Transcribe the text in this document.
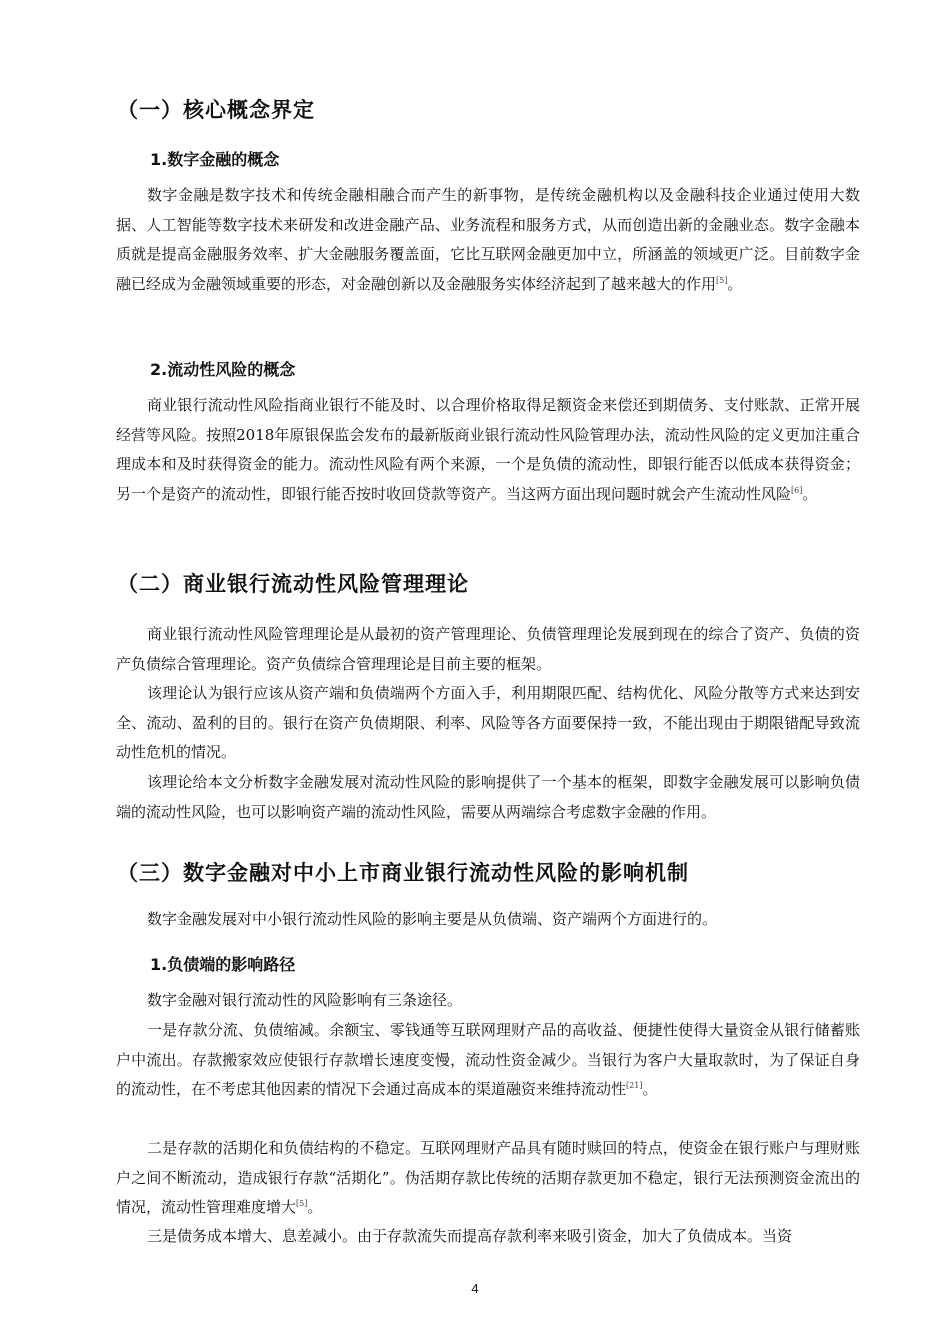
（一）核心概念界定
1.数字金融的概念

数字金融是数字技术和传统金融相融合而产生的新事物，是传统金融机构以及金融科技企业通过使用大数据、人工智能等数字技术来研发和改进金融产品、业务流程和服务方式，从而创造出新的金融业态。数字金融本质就是提高金融服务效率、扩大金融服务覆盖面，它比互联网金融更加中立，所涵盖的领域更广泛。目前数字金融已经成为金融领域重要的形态，对金融创新以及金融服务实体经济起到了越来越大的作用[5]。

2.流动性风险的概念

商业银行流动性风险指商业银行不能及时、以合理价格取得足额资金来偿还到期债务、支付账款、正常开展经营等风险。按照2018年原银保监会发布的最新版商业银行流动性风险管理办法，流动性风险的定义更加注重合理成本和及时获得资金的能力。流动性风险有两个来源，一个是负债的流动性，即银行能否以低成本获得资金；另一个是资产的流动性，即银行能否按时收回贷款等资产。当这两方面出现问题时就会产生流动性风险[6]。

（二）商业银行流动性风险管理理论

商业银行流动性风险管理理论是从最初的资产管理理论、负债管理理论发展到现在的综合了资产、负债的资产负债综合管理理论。资产负债综合管理理论是目前主要的框架。

该理论认为银行应该从资产端和负债端两个方面入手，利用期限匹配、结构优化、风险分散等方式来达到安全、流动、盈利的目的。银行在资产负债期限、利率、风险等各方面要保持一致，不能出现由于期限错配导致流动性危机的情况。

该理论给本文分析数字金融发展对流动性风险的影响提供了一个基本的框架，即数字金融发展可以影响负债端的流动性风险，也可以影响资产端的流动性风险，需要从两端综合考虑数字金融的作用。

（三）数字金融对中小上市商业银行流动性风险的影响机制

数字金融发展对中小银行流动性风险的影响主要是从负债端、资产端两个方面进行的。

1.负债端的影响路径

数字金融对银行流动性的风险影响有三条途径。

一是存款分流、负债缩减。余额宝、零钱通等互联网理财产品的高收益、便捷性使得大量资金从银行储蓄账户中流出。存款搬家效应使银行存款增长速度变慢，流动性资金减少。当银行为客户大量取款时，为了保证自身的流动性，在不考虑其他因素的情况下会通过高成本的渠道融资来维持流动性[21]。

二是存款的活期化和负债结构的不稳定。互联网理财产品具有随时赎回的特点，使资金在银行账户与理财账户之间不断流动，造成银行存款“活期化”。伪活期存款比传统的活期存款更加不稳定，银行无法预测资金流出的情况，流动性管理难度增大[5]。

三是债务成本增大、息差减小。由于存款流失而提高存款利率来吸引资金，加大了负债成本。当资

4
